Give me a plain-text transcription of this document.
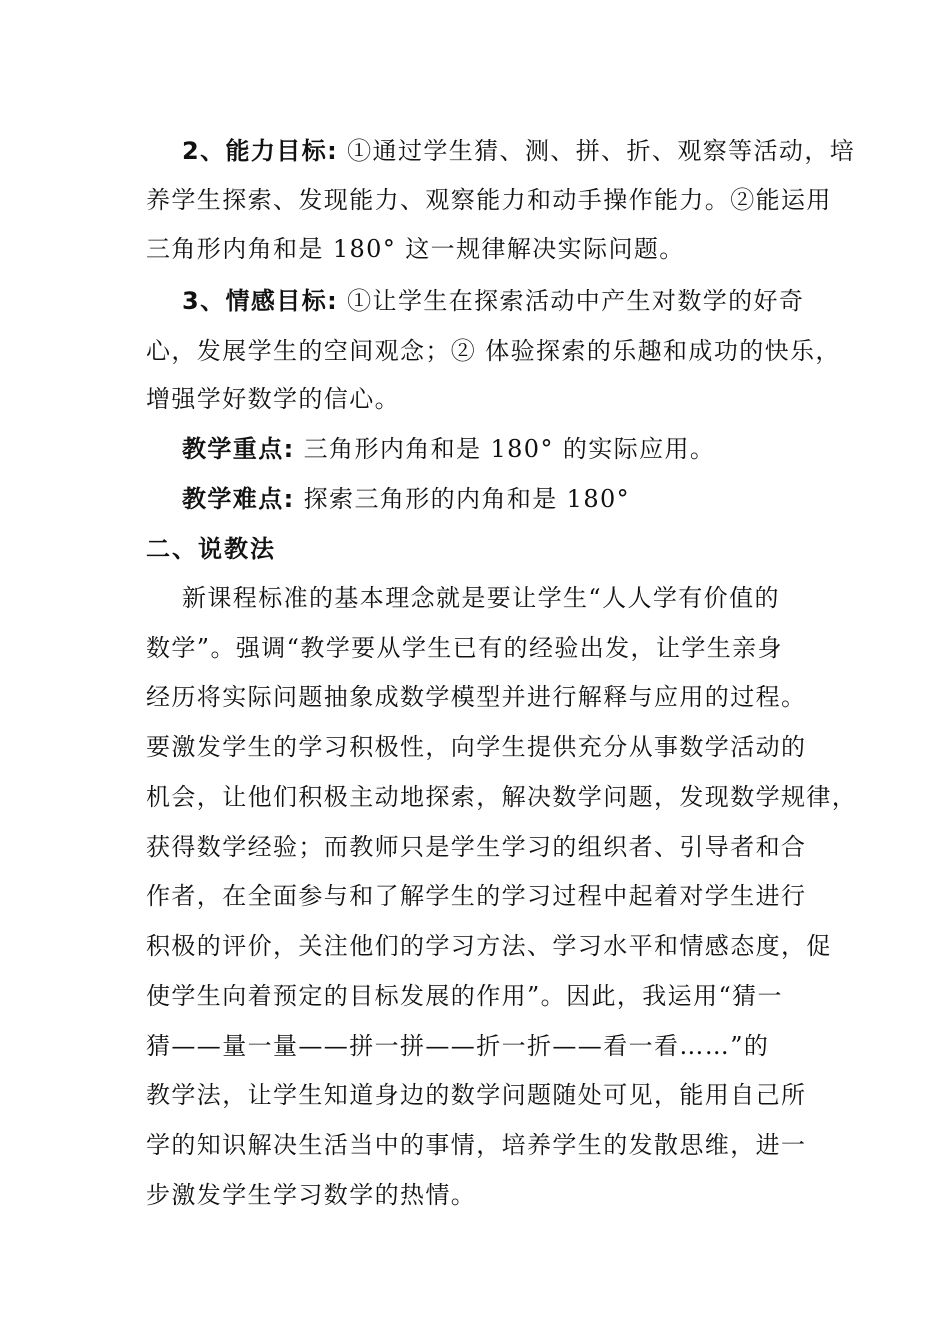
2、能力目标: ①通过学生猜、测、拼、折、观察等活动，培
养学生探索、发现能力、观察能力和动手操作能力。②能运用
三角形内角和是 180° 这一规律解决实际问题。
3、情感目标: ①让学生在探索活动中产生对数学的好奇
心，发展学生的空间观念；② 体验探索的乐趣和成功的快乐，
增强学好数学的信心。
教学重点: 三角形内角和是 180° 的实际应用。
教学难点: 探索三角形的内角和是 180°
二、说教法
新课程标准的基本理念就是要让学生“人人学有价值的
数学”。强调“教学要从学生已有的经验出发，让学生亲身
经历将实际问题抽象成数学模型并进行解释与应用的过程。
要激发学生的学习积极性，向学生提供充分从事数学活动的
机会，让他们积极主动地探索，解决数学问题，发现数学规律，
获得数学经验；而教师只是学生学习的组织者、引导者和合
作者，在全面参与和了解学生的学习过程中起着对学生进行
积极的评价，关注他们的学习方法、学习水平和情感态度，促
使学生向着预定的目标发展的作用”。因此，我运用“猜一
猜——量一量——拼一拼——折一折——看一看……”的
教学法，让学生知道身边的数学问题随处可见，能用自己所
学的知识解决生活当中的事情，培养学生的发散思维，进一
步激发学生学习数学的热情。
